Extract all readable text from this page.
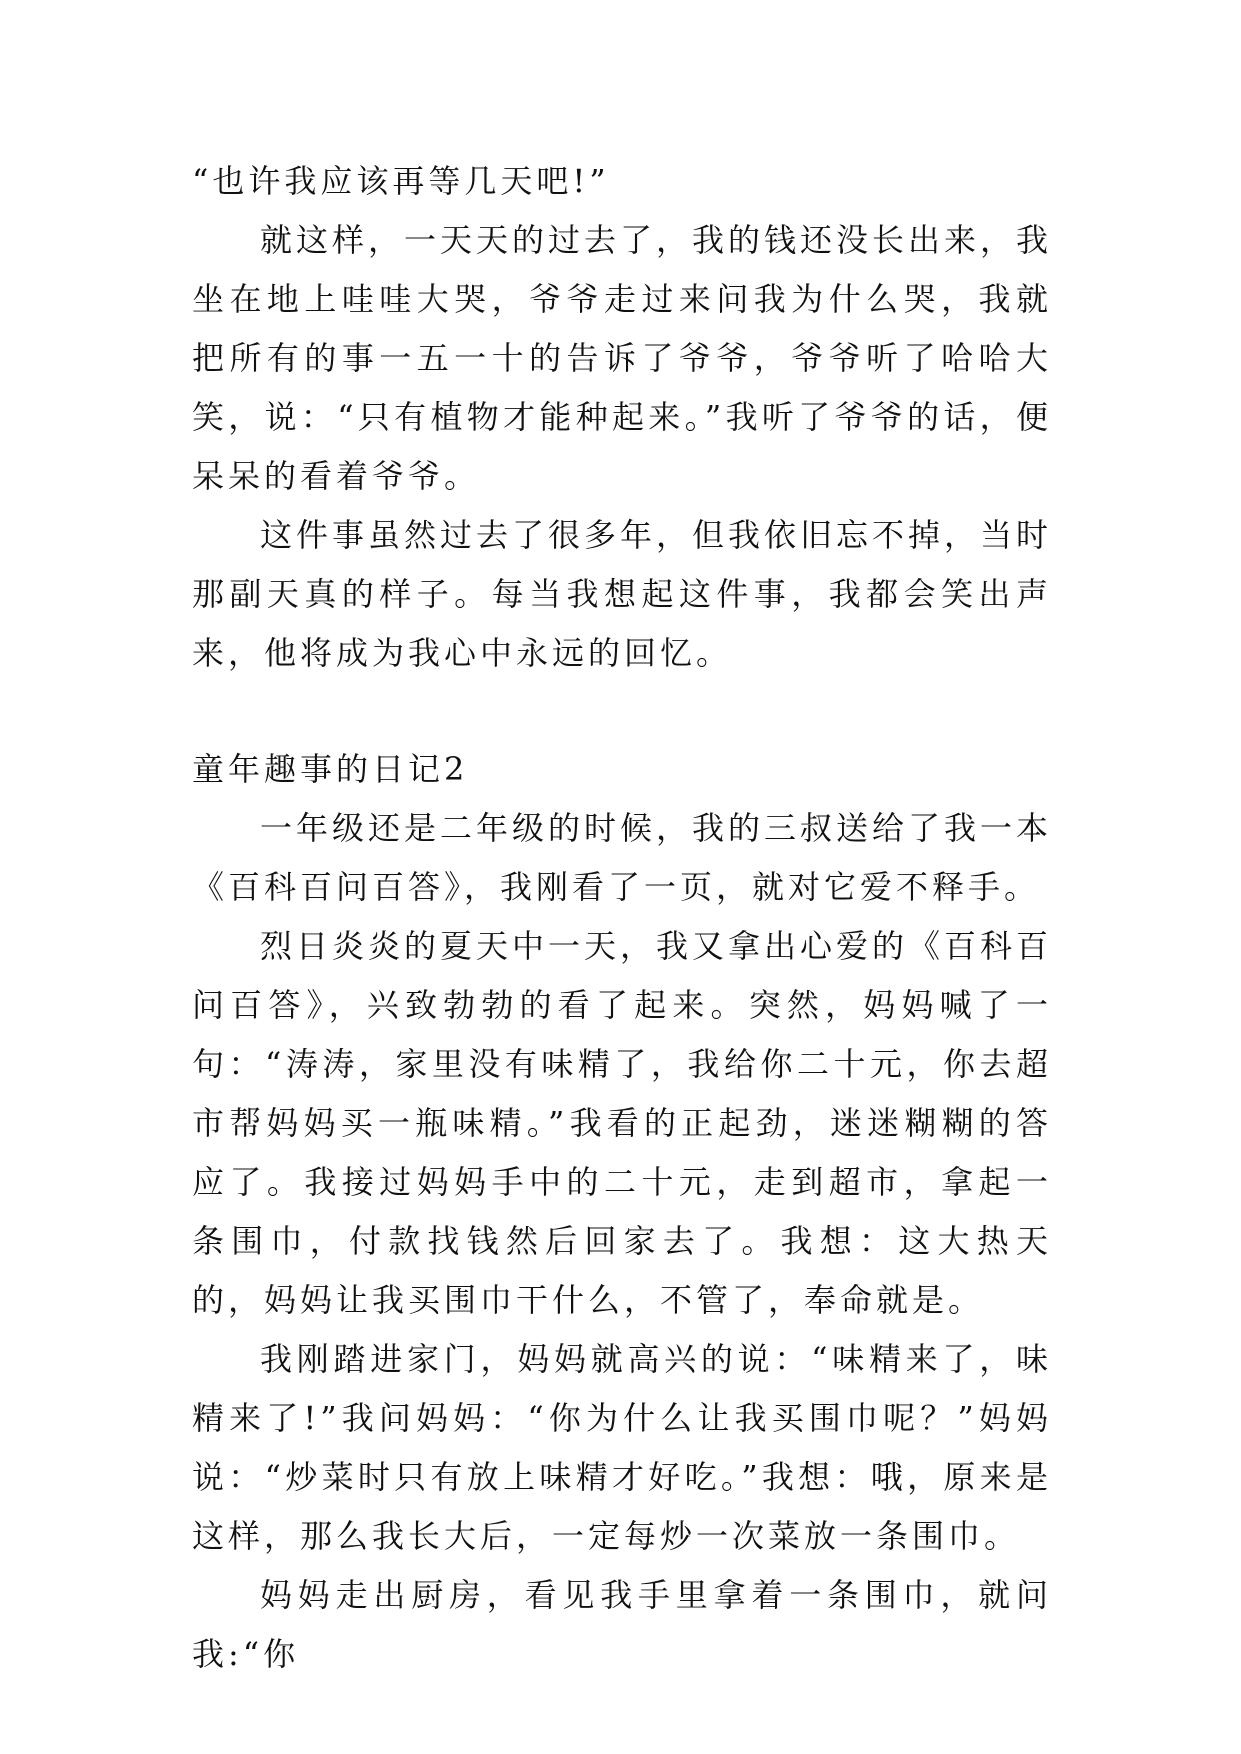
“也许我应该再等几天吧!”

就这样，一天天的过去了，我的钱还没长出来，我坐在地上哇哇大哭，爷爷走过来问我为什么哭，我就把所有的事一五一十的告诉了爷爷，爷爷听了哈哈大笑，说：“只有植物才能种起来。”我听了爷爷的话，便呆呆的看着爷爷。

这件事虽然过去了很多年，但我依旧忘不掉，当时那副天真的样子。每当我想起这件事，我都会笑出声来，他将成为我心中永远的回忆。

童年趣事的日记2

一年级还是二年级的时候，我的三叔送给了我一本《百科百问百答》，我刚看了一页，就对它爱不释手。

烈日炎炎的夏天中一天，我又拿出心爱的《百科百问百答》，兴致勃勃的看了起来。突然，妈妈喊了一句：“涛涛，家里没有味精了，我给你二十元，你去超市帮妈妈买一瓶味精。”我看的正起劲，迷迷糊糊的答应了。我接过妈妈手中的二十元，走到超市，拿起一条围巾，付款找钱然后回家去了。我想：这大热天的，妈妈让我买围巾干什么，不管了，奉命就是。

我刚踏进家门，妈妈就高兴的说：“味精来了，味精来了!”我问妈妈：“你为什么让我买围巾呢？”妈妈说：“炒菜时只有放上味精才好吃。”我想：哦，原来是这样，那么我长大后，一定每炒一次菜放一条围巾。

妈妈走出厨房，看见我手里拿着一条围巾，就问我:“你
